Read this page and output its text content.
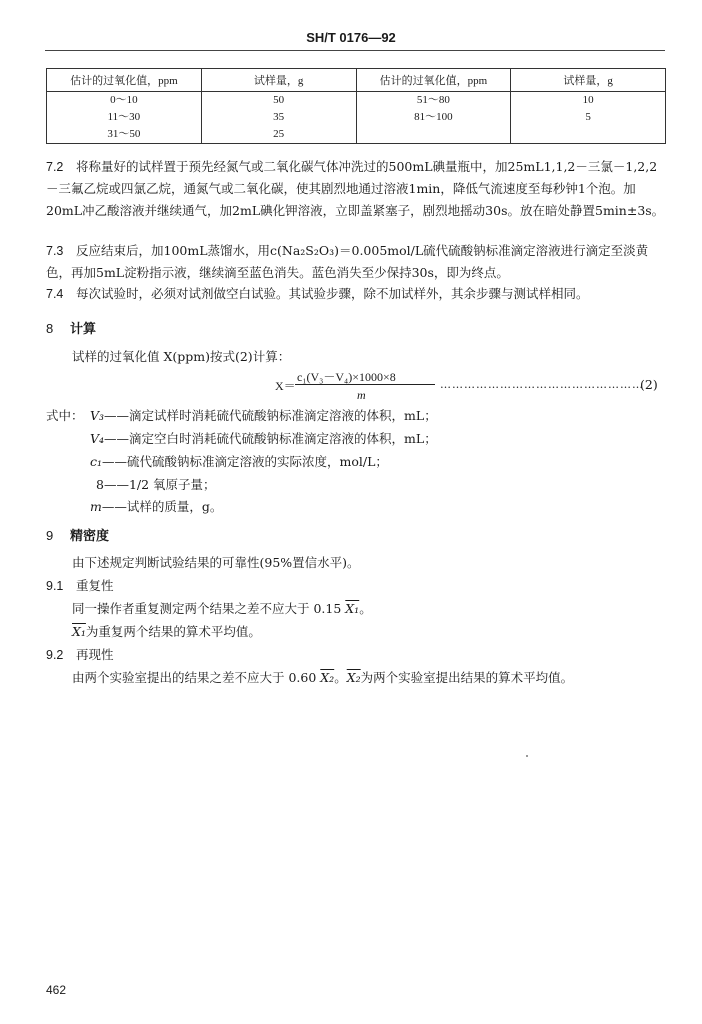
SH/T 0176—92
估计的过氧化值，ppm	试样量，g	估计的过氧化值，ppm	试样量，g
0～10	50	51～80	10
11～30	35	81～100	5
31～50	25		
7.2 将称量好的试样置于预先经氮气或二氧化碳气体冲洗过的500mL碘量瓶中，加25mL1,1,2－三氯－1,2,2－三氟乙烷或四氯乙烷，通氮气或二氧化碳，使其剧烈地通过溶液1min，降低气流速度至每秒钟1个泡。加20mL冲乙酸溶液并继续通气，加2mL碘化钾溶液，立即盖紧塞子，剧烈地摇动30s。放在暗处静置5min±3s。
7.3 反应结束后，加100mL蒸馏水，用c(Na₂S₂O₃)＝0.005mol/L硫代硫酸钠标准滴定溶液进行滴定至淡黄色，再加5mL淀粉指示液，继续滴至蓝色消失。蓝色消失至少保持30s，即为终点。
7.4 每次试验时，必须对试剂做空白试验。其试验步骤，除不加试样外，其余步骤与测试样相同。
8 计算
试样的过氧化值 X(ppm)按式(2)计算：
X＝
c₁(V₃－V₄)×1000×8
m
……………………………………………
(2)
式中： V₃——滴定试样时消耗硫代硫酸钠标准滴定溶液的体积，mL；
V₄——滴定空白时消耗硫代硫酸钠标准滴定溶液的体积，mL；
c₁——硫代硫酸钠标准滴定溶液的实际浓度，mol/L；
8——1/2 氧原子量；
m——试样的质量，g。
9 精密度
由下述规定判断试验结果的可靠性(95%置信水平)。
9.1 重复性
同一操作者重复测定两个结果之差不应大于 0.15 X₁。
X₁为重复两个结果的算术平均值。
9.2 再现性
由两个实验室提出的结果之差不应大于 0.60 X₂。X₂为两个实验室提出结果的算术平均值。
462
